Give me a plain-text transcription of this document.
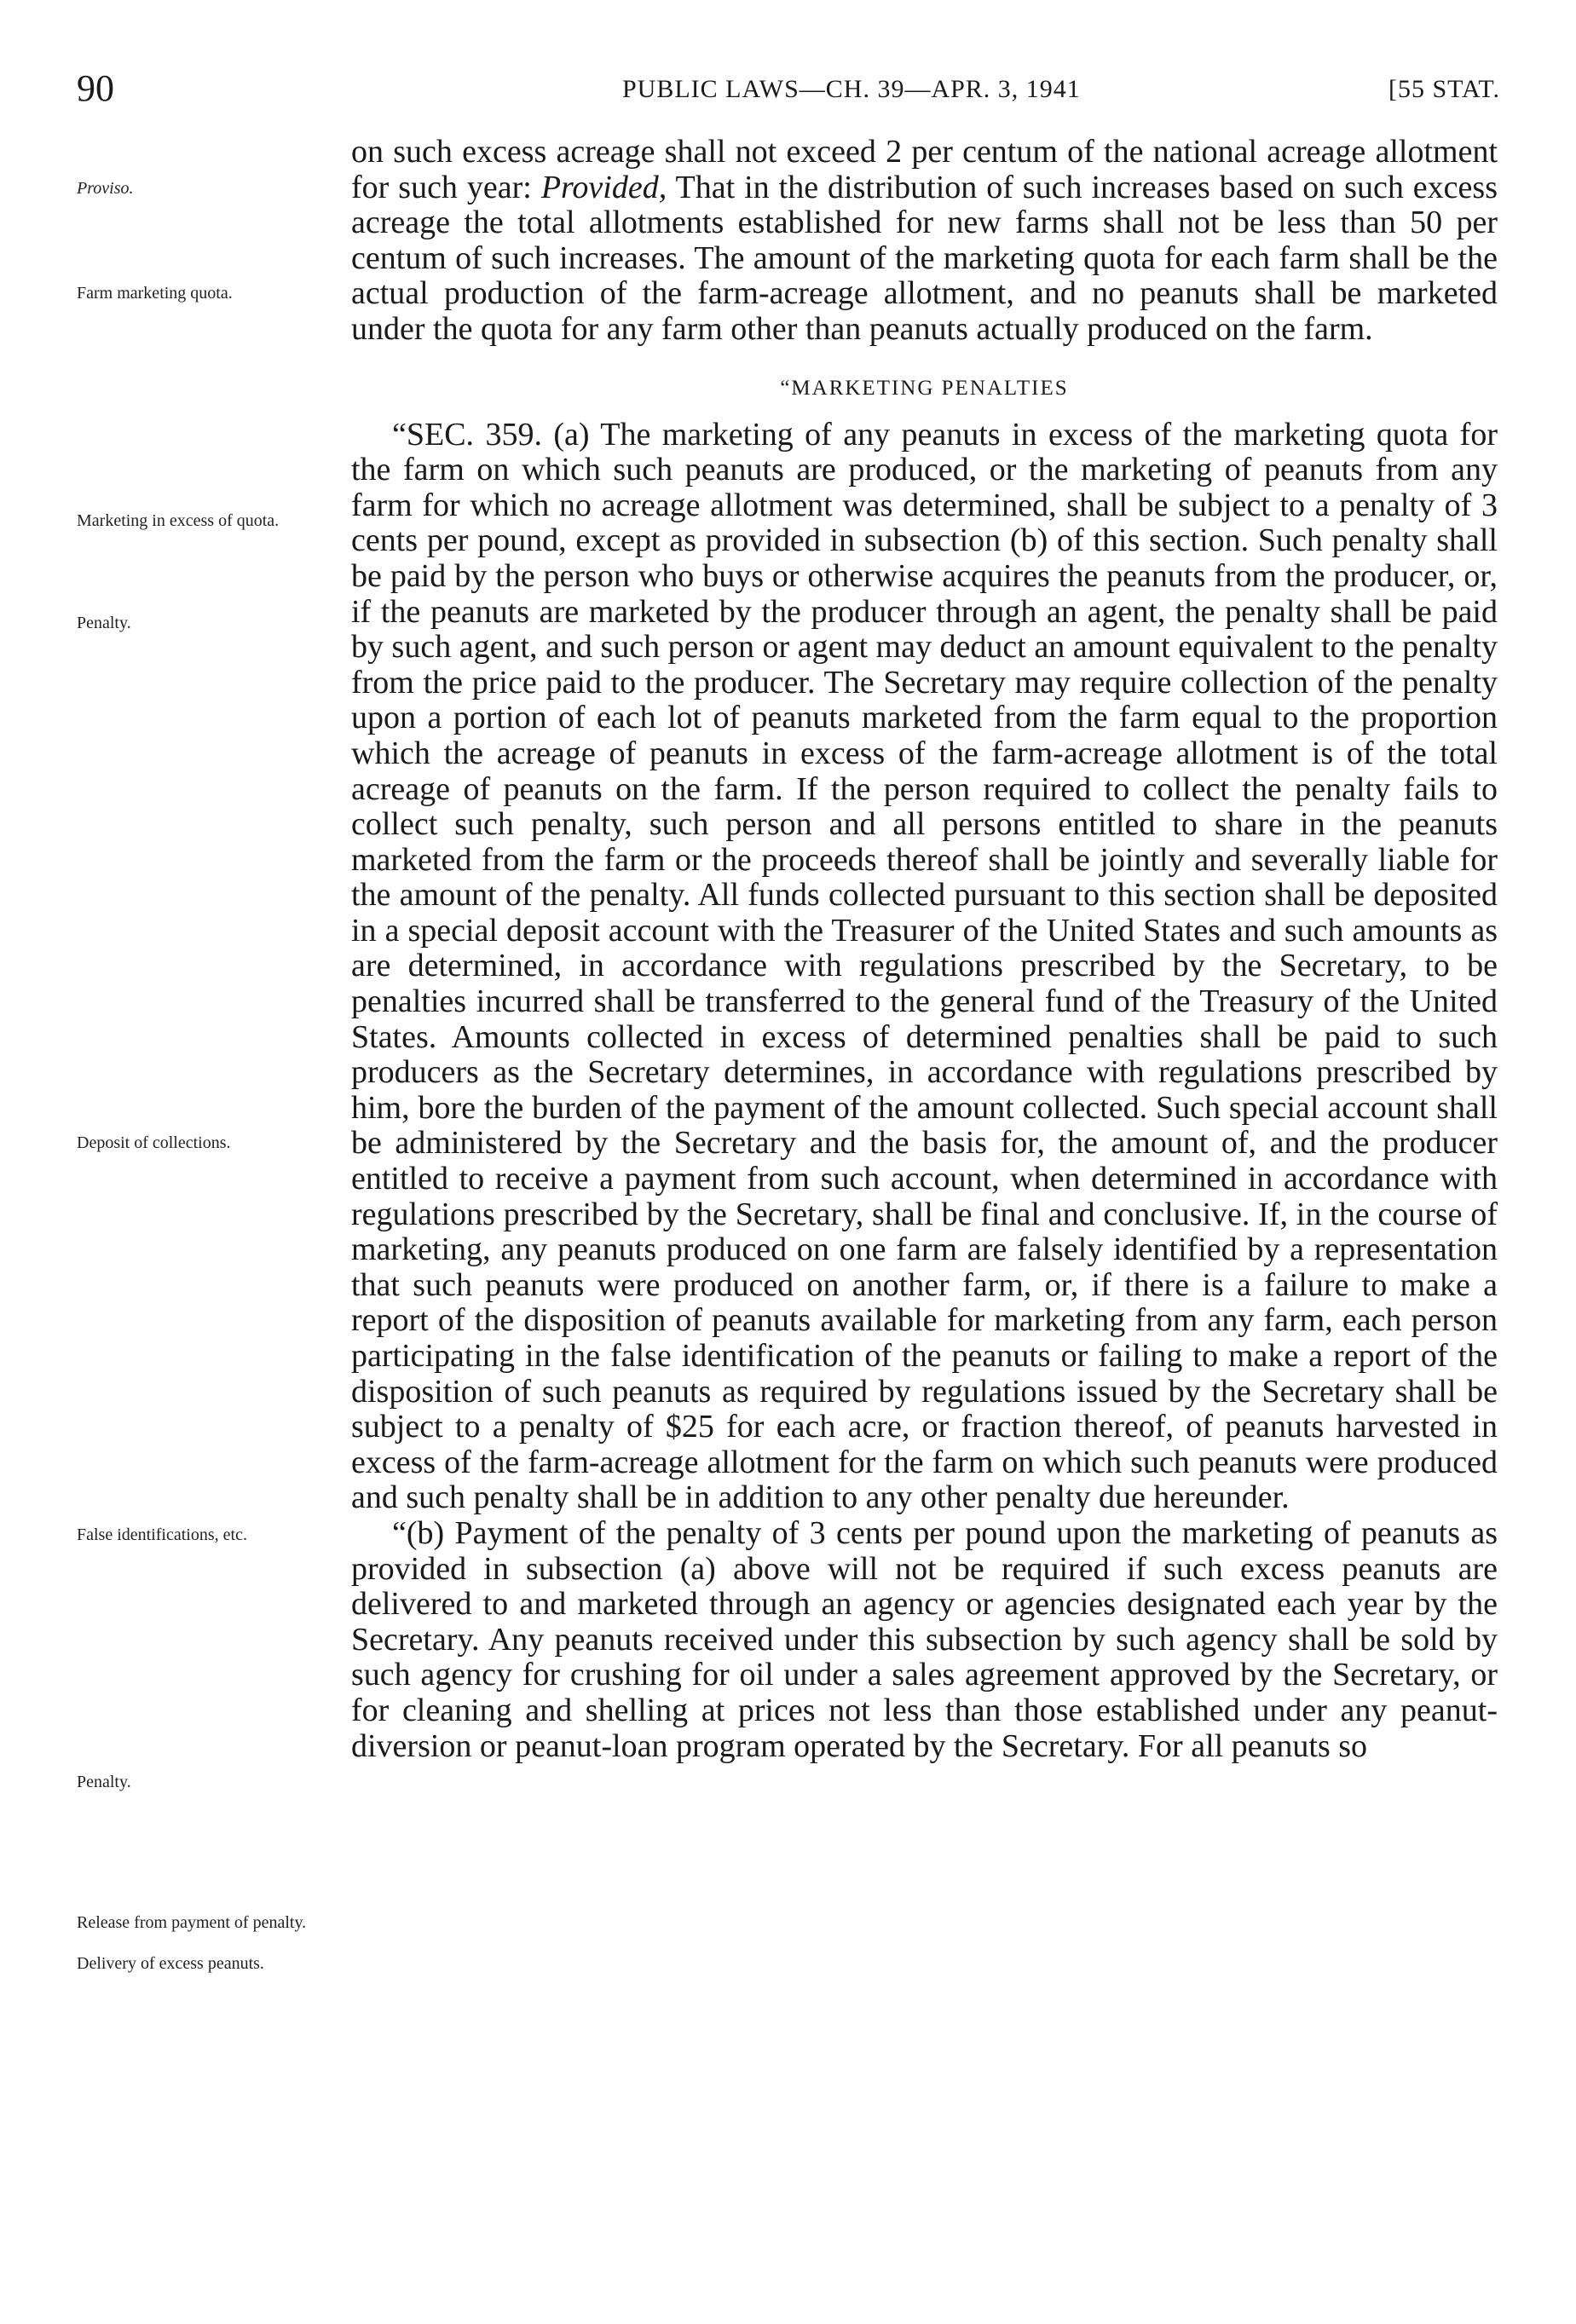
90	PUBLIC LAWS—CH. 39—APR. 3, 1941	[55 STAT.
Proviso.
Farm marketing quota.
Marketing in excess of quota.
Penalty.
Deposit of collections.
False identifications, etc.
Penalty.
Release from payment of penalty.
Delivery of excess peanuts.

on such excess acreage shall not exceed 2 per centum of the national acreage allotment for such year: Provided, That in the distribution of such increases based on such excess acreage the total allotments established for new farms shall not be less than 50 per centum of such increases. The amount of the marketing quota for each farm shall be the actual production of the farm-acreage allotment, and no peanuts shall be marketed under the quota for any farm other than peanuts actually produced on the farm.

“MARKETING PENALTIES

“SEC. 359. (a) The marketing of any peanuts in excess of the marketing quota for the farm on which such peanuts are produced, or the marketing of peanuts from any farm for which no acreage allotment was determined, shall be subject to a penalty of 3 cents per pound, except as provided in subsection (b) of this section. Such penalty shall be paid by the person who buys or otherwise acquires the peanuts from the producer, or, if the peanuts are marketed by the producer through an agent, the penalty shall be paid by such agent, and such person or agent may deduct an amount equivalent to the penalty from the price paid to the producer. The Secretary may require collection of the penalty upon a portion of each lot of peanuts marketed from the farm equal to the proportion which the acreage of peanuts in excess of the farm-acreage allotment is of the total acreage of peanuts on the farm. If the person required to collect the penalty fails to collect such penalty, such person and all persons entitled to share in the peanuts marketed from the farm or the proceeds thereof shall be jointly and severally liable for the amount of the penalty. All funds collected pursuant to this section shall be deposited in a special deposit account with the Treasurer of the United States and such amounts as are determined, in accordance with regulations prescribed by the Secretary, to be penalties incurred shall be transferred to the general fund of the Treasury of the United States. Amounts collected in excess of determined penalties shall be paid to such producers as the Secretary determines, in accordance with regulations prescribed by him, bore the burden of the payment of the amount collected. Such special account shall be administered by the Secretary and the basis for, the amount of, and the producer entitled to receive a payment from such account, when determined in accordance with regulations prescribed by the Secretary, shall be final and conclusive. If, in the course of marketing, any peanuts produced on one farm are falsely identified by a representation that such peanuts were produced on another farm, or, if there is a failure to make a report of the disposition of peanuts available for marketing from any farm, each person participating in the false identification of the peanuts or failing to make a report of the disposition of such peanuts as required by regulations issued by the Secretary shall be subject to a penalty of $25 for each acre, or fraction thereof, of peanuts harvested in excess of the farm-acreage allotment for the farm on which such peanuts were produced and such penalty shall be in addition to any other penalty due hereunder.

“(b) Payment of the penalty of 3 cents per pound upon the marketing of peanuts as provided in subsection (a) above will not be required if such excess peanuts are delivered to and marketed through an agency or agencies designated each year by the Secretary. Any peanuts received under this subsection by such agency shall be sold by such agency for crushing for oil under a sales agreement approved by the Secretary, or for cleaning and shelling at prices not less than those established under any peanut-diversion or peanut-loan program operated by the Secretary. For all peanuts so
